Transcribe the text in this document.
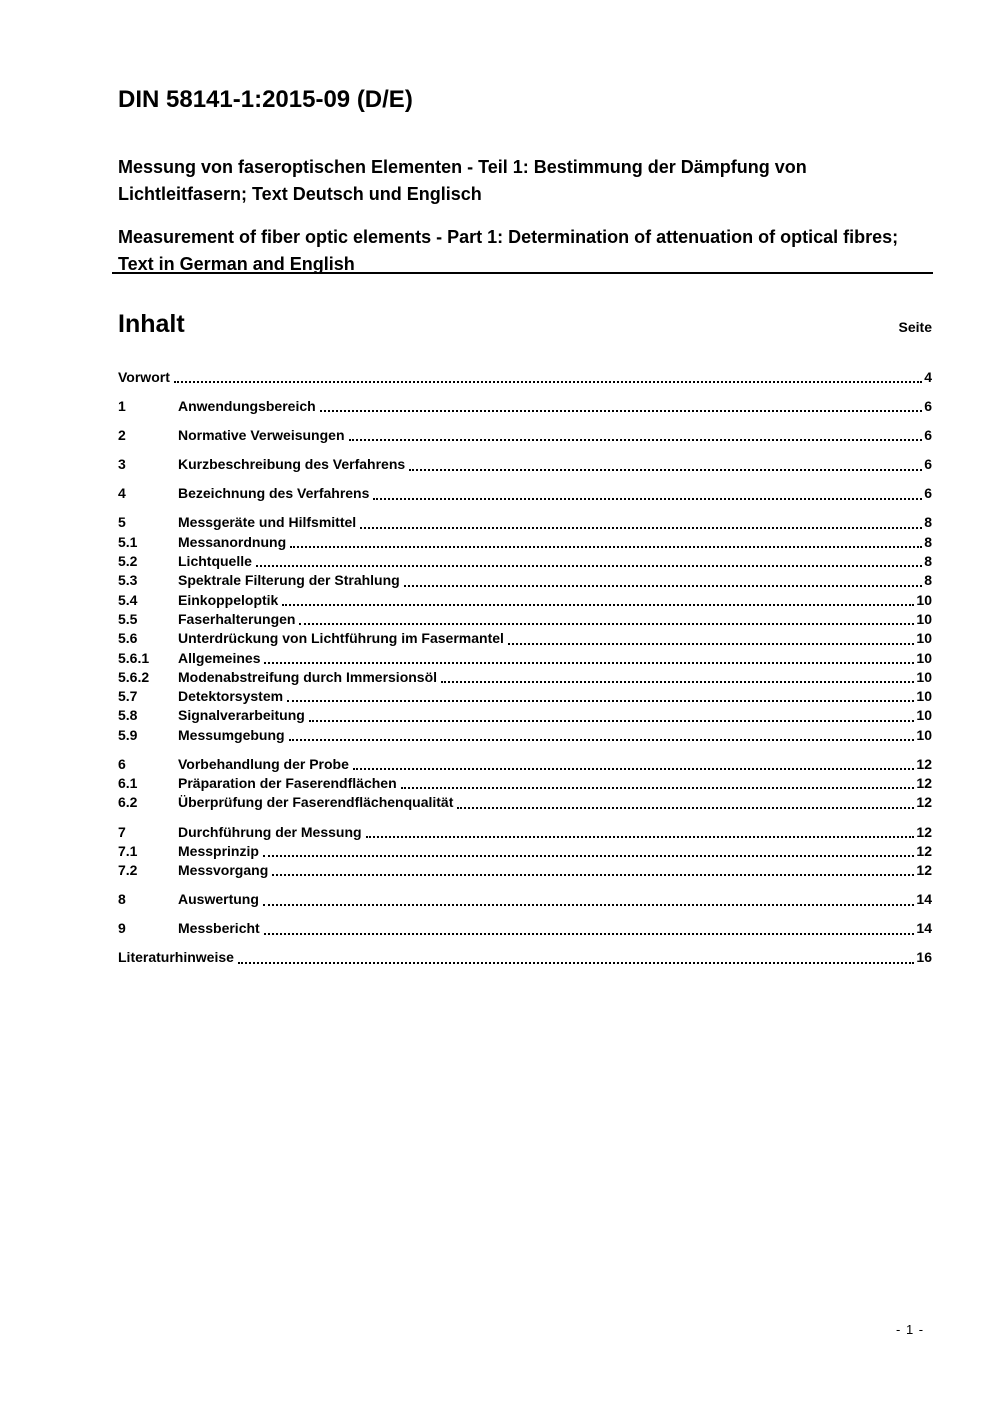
DIN 58141-1:2015-09 (D/E)
Messung von faseroptischen Elementen - Teil 1: Bestimmung der Dämpfung von Lichtleitfasern; Text Deutsch und Englisch
Measurement of fiber optic elements - Part 1: Determination of attenuation of optical fibres; Text in German and English
Inhalt	Seite
Vorwort	4
1	Anwendungsbereich	6
2	Normative Verweisungen	6
3	Kurzbeschreibung des Verfahrens	6
4	Bezeichnung des Verfahrens	6
5	Messgeräte und Hilfsmittel	8
5.1	Messanordnung	8
5.2	Lichtquelle	8
5.3	Spektrale Filterung der Strahlung	8
5.4	Einkoppeloptik	10
5.5	Faserhalterungen	10
5.6	Unterdrückung von Lichtführung im Fasermantel	10
5.6.1	Allgemeines	10
5.6.2	Modenabstreifung durch Immersionsöl	10
5.7	Detektorsystem	10
5.8	Signalverarbeitung	10
5.9	Messumgebung	10
6	Vorbehandlung der Probe	12
6.1	Präparation der Faserendflächen	12
6.2	Überprüfung der Faserendflächenqualität	12
7	Durchführung der Messung	12
7.1	Messprinzip	12
7.2	Messvorgang	12
8	Auswertung	14
9	Messbericht	14
Literaturhinweise	16
- 1 -
